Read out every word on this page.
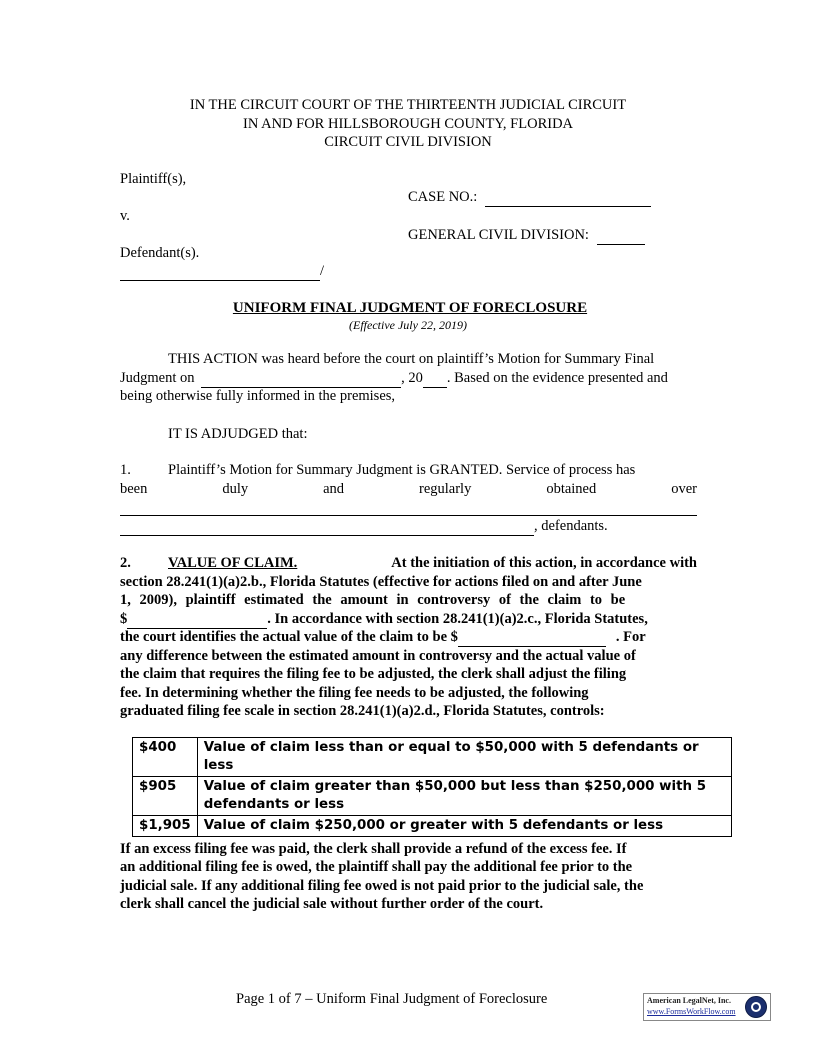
IN THE CIRCUIT COURT OF THE THIRTEENTH JUDICIAL CIRCUIT
IN AND FOR HILLSBOROUGH COUNTY, FLORIDA
CIRCUIT CIVIL DIVISION
Plaintiff(s),
CASE NO.:
v.
GENERAL CIVIL DIVISION:
Defendant(s).
/
UNIFORM FINAL JUDGMENT OF FORECLOSURE
(Effective July 22, 2019)
THIS ACTION was heard before the court on plaintiff’s Motion for Summary Final
Judgment on	, 20 . Based on the evidence presented and
being otherwise fully informed in the premises,
IT IS ADJUDGED that:
1.	Plaintiff’s Motion for Summary Judgment is GRANTED. Service of process has
been	duly	and	regularly	obtained	over
, defendants.
2.	VALUE OF CLAIM.	At the initiation of this action, in accordance with
section 28.241(1)(a)2.b., Florida Statutes (effective for actions filed on and after June
1, 2009), plaintiff estimated the amount in controversy of the claim to be
$	. In accordance with section 28.241(1)(a)2.c., Florida Statutes,
the court identifies the actual value of the claim to be $	. For
any difference between the estimated amount in controversy and the actual value of
the claim that requires the filing fee to be adjusted, the clerk shall adjust the filing
fee. In determining whether the filing fee needs to be adjusted, the following
graduated filing fee scale in section 28.241(1)(a)2.d., Florida Statutes, controls:
$400	Value of claim less than or equal to $50,000 with 5 defendants or less
$905	Value of claim greater than $50,000 but less than $250,000 with 5 defendants or less
$1,905	Value of claim $250,000 or greater with 5 defendants or less
If an excess filing fee was paid, the clerk shall provide a refund of the excess fee. If
an additional filing fee is owed, the plaintiff shall pay the additional fee prior to the
judicial sale. If any additional filing fee owed is not paid prior to the judicial sale, the
clerk shall cancel the judicial sale without further order of the court.
Page 1 of 7 – Uniform Final Judgment of Foreclosure	American LegalNet, Inc.
www.FormsWorkFlow.com
